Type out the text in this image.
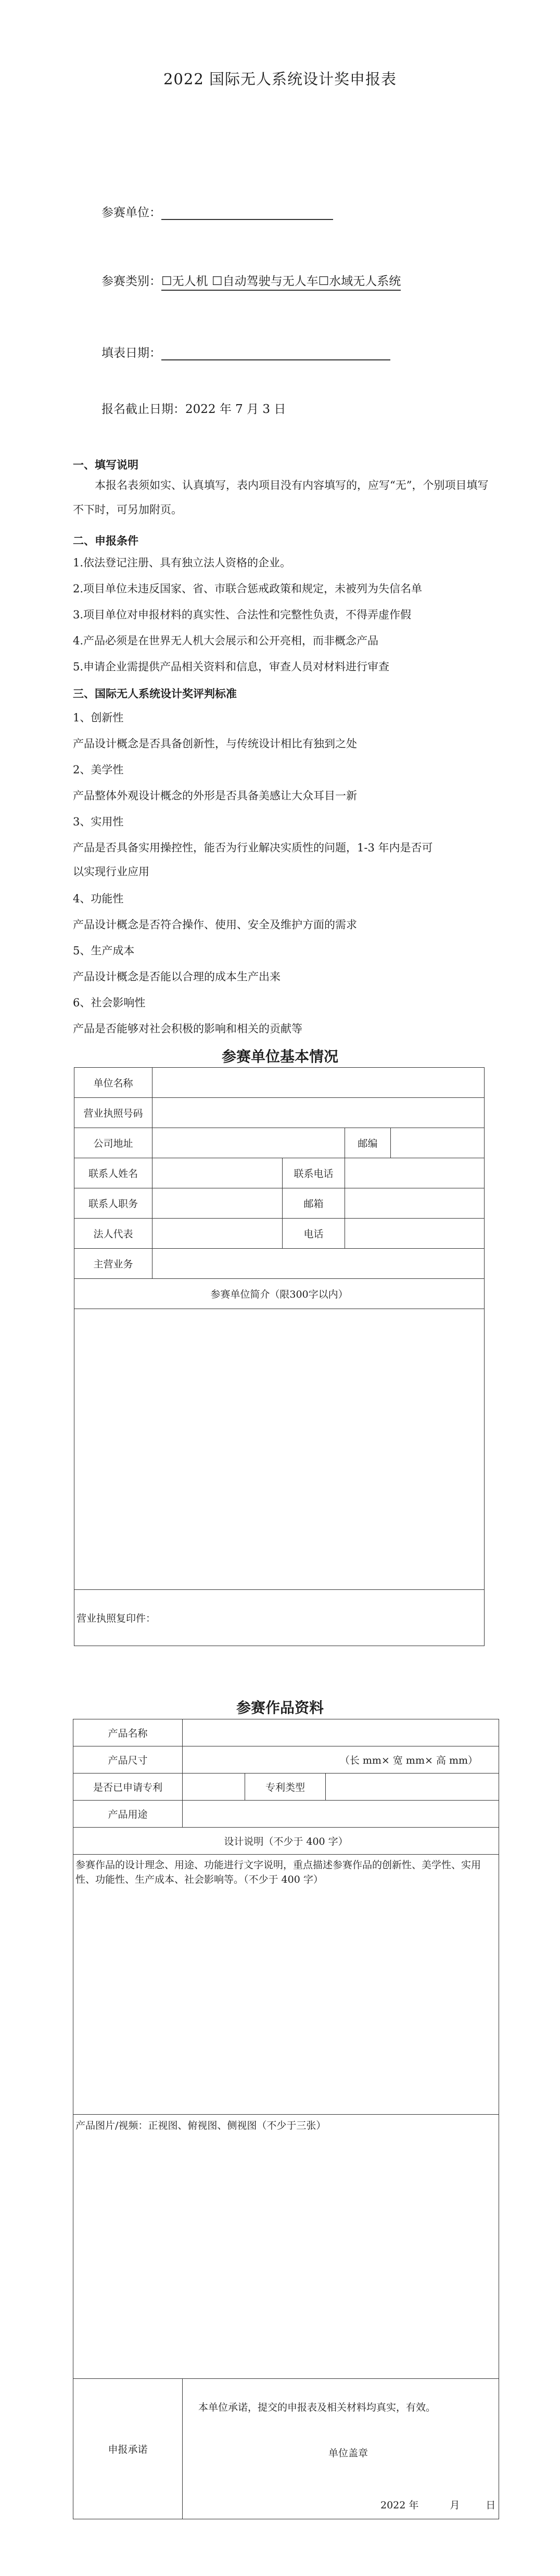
2022 国际无人系统设计奖申报表
参赛单位：
参赛类别：☐无人机 ☐自动驾驶与无人车☐水域无人系统
填表日期：
报名截止日期：2022 年 7 月 3 日
一、填写说明
本报名表须如实、认真填写，表内项目没有内容填写的，应写“无”，个别项目填写不下时，可另加附页。
二、申报条件
1.依法登记注册、具有独立法人资格的企业。
2.项目单位未违反国家、省、市联合惩戒政策和规定，未被列为失信名单
3.项目单位对申报材料的真实性、合法性和完整性负责，不得弄虚作假
4.产品必须是在世界无人机大会展示和公开亮相，而非概念产品
5.申请企业需提供产品相关资料和信息，审查人员对材料进行审查
三、国际无人系统设计奖评判标准
1、创新性
产品设计概念是否具备创新性，与传统设计相比有独到之处
2、美学性
产品整体外观设计概念的外形是否具备美感让大众耳目一新
3、实用性
产品是否具备实用操控性，能否为行业解决实质性的问题，1-3 年内是否可
以实现行业应用
4、功能性
产品设计概念是否符合操作、使用、安全及维护方面的需求
5、生产成本
产品设计概念是否能以合理的成本生产出来
6、社会影响性
产品是否能够对社会积极的影响和相关的贡献等
参赛单位基本情况
单位名称				
营业执照号码				
公司地址			邮编	
联系人姓名		联系电话		
联系人职务		邮箱		
法人代表		电话		
主营业务				
参赛单位简介（限300字以内）				

营业执照复印件：				
参赛作品资料
产品名称			
产品尺寸	（长 mm× 宽 mm× 高 mm）		
是否已申请专利		专利类型	
产品用途			
设计说明（不少于 400 字）			
参赛作品的设计理念、用途、功能进行文字说明，重点描述参赛作品的创新性、美学性、实用性、功能性、生产成本、社会影响等。（不少于 400 字）			
产品图片/视频：正视图、俯视图、侧视图（不少于三张）			
申报承诺	本单位承诺，提交的申报表及相关材料均真实，有效。
单位盖章
2022 年 月 日		
